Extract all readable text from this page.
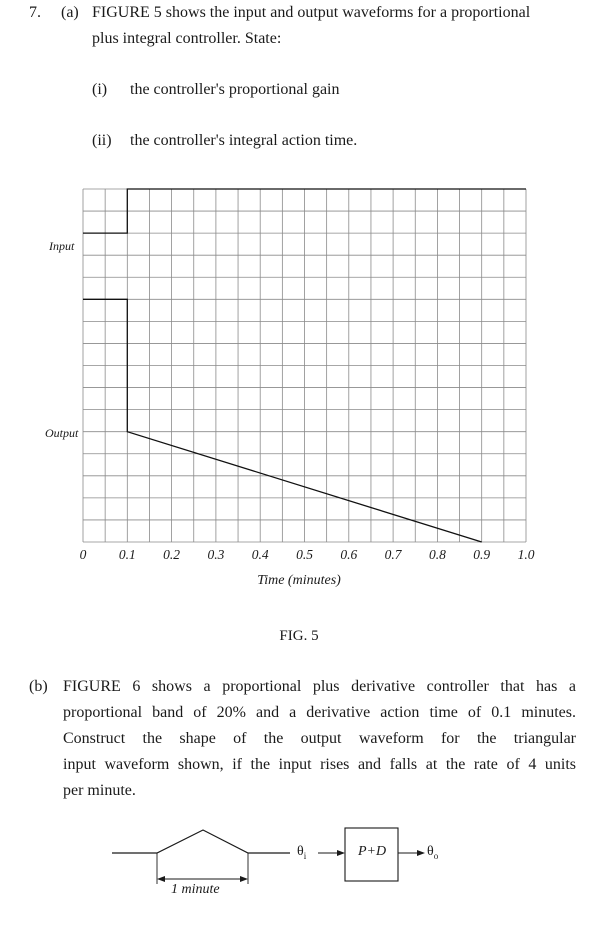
7. (a) FIGURE 5 shows the input and output waveforms for a proportional
plus integral controller. State:
(i) the controller's proportional gain
(ii) the controller's integral action time.
Input
Output
0 0.1 0.2 0.3 0.4 0.5 0.6 0.7 0.8 0.9 1.0
Time (minutes)
FIG. 5
(b) FIGURE 6 shows a proportional plus derivative controller that has a
proportional band of 20% and a derivative action time of 0.1 minutes.
Construct the shape of the output waveform for the triangular
input waveform shown, if the input rises and falls at the rate of 4 units
per minute.
1 minute
$\theta_i$	P+D	$\theta_o$
